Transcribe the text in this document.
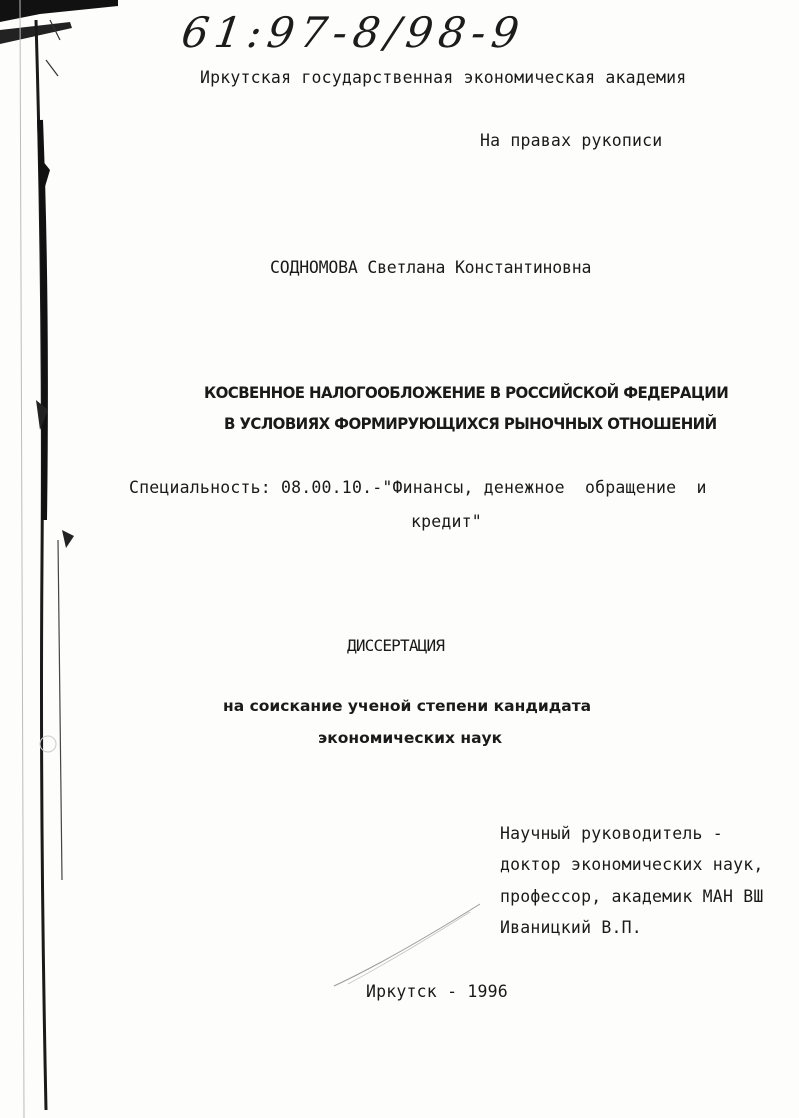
61:97-8/98-9
Иркутская государственная экономическая академия
На правах рукописи
СОДНОМОВА Светлана Константиновна
КОСВЕННОЕ НАЛОГООБЛОЖЕНИЕ В РОССИЙСКОЙ ФЕДЕРАЦИИ
В УСЛОВИЯХ ФОРМИРУЮЩИХСЯ РЫНОЧНЫХ ОТНОШЕНИЙ
Специальность: 08.00.10.-"Финансы, денежное  обращение  и
кредит"
ДИССЕРТАЦИЯ
на соискание ученой степени кандидата
экономических наук
Научный руководитель -
доктор экономических наук,
профессор, академик МАН ВШ
Иваницкий В.П.
Иркутск - 1996
